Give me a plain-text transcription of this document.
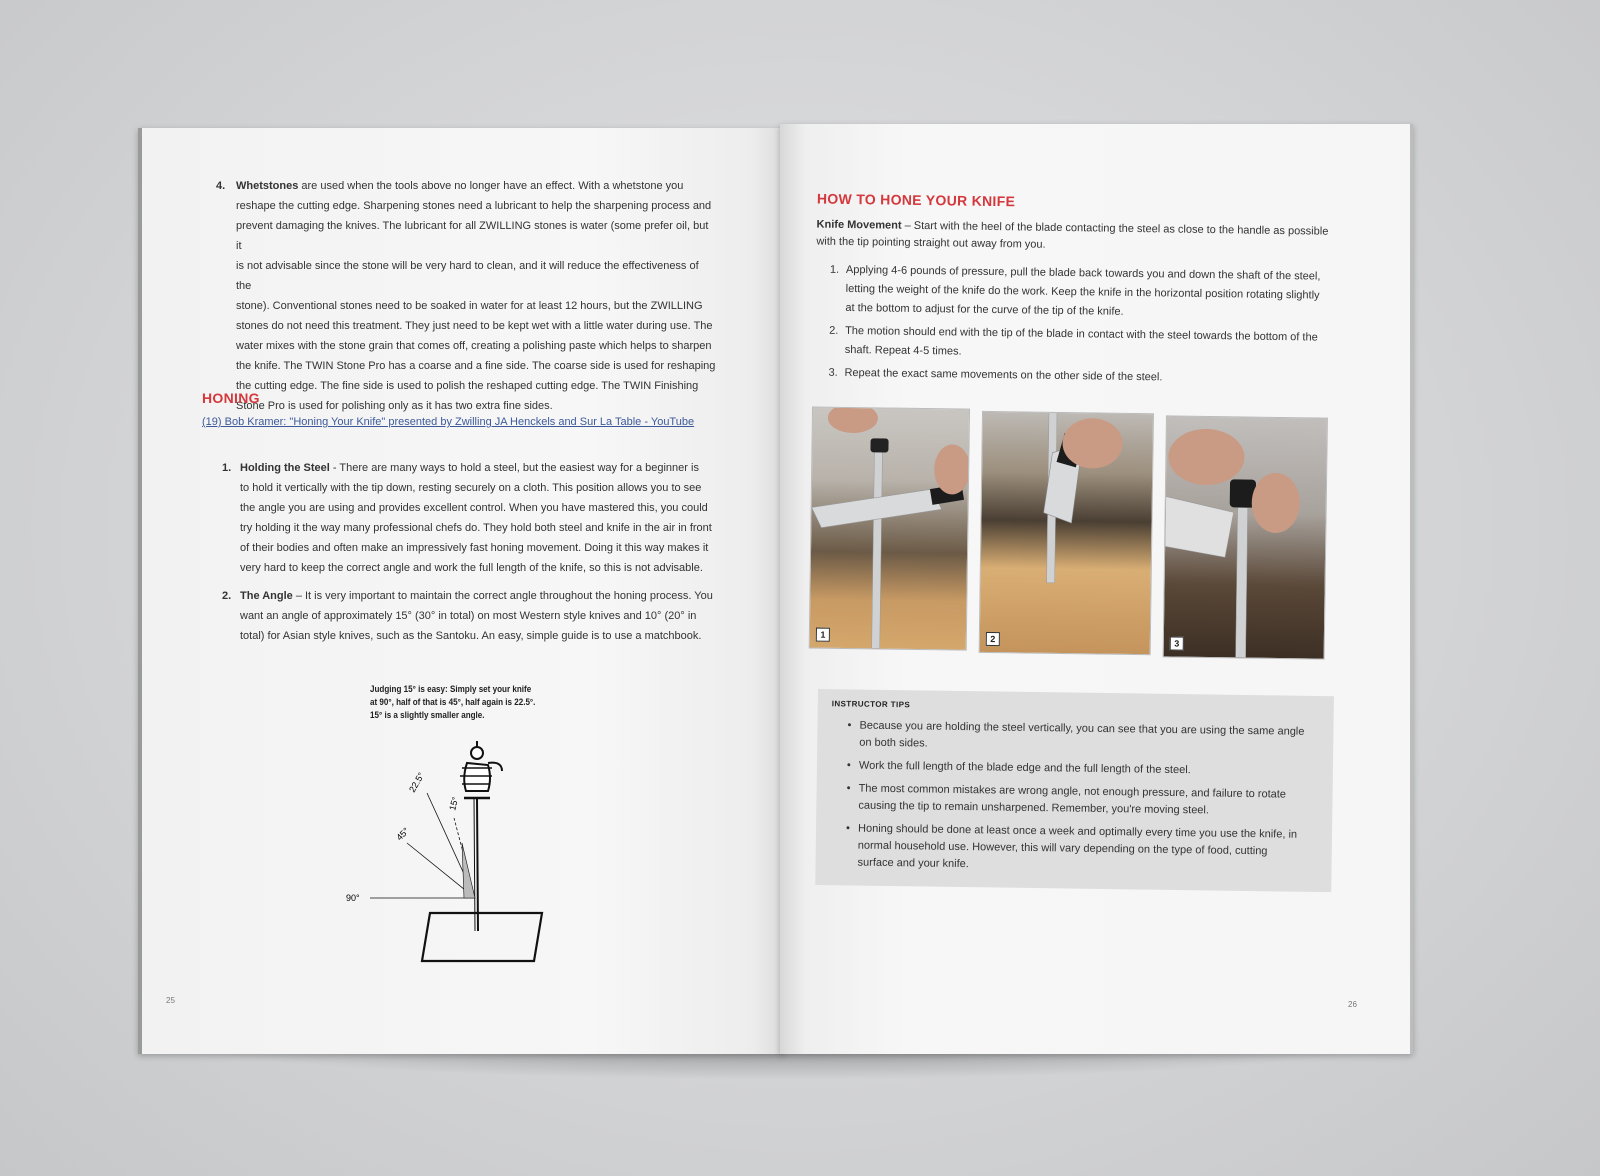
4. Whetstones are used when the tools above no longer have an effect. With a whetstone you
reshape the cutting edge. Sharpening stones need a lubricant to help the sharpening process and
prevent damaging the knives. The lubricant for all ZWILLING stones is water (some prefer oil, but it
is not advisable since the stone will be very hard to clean, and it will reduce the effectiveness of the
stone). Conventional stones need to be soaked in water for at least 12 hours, but the ZWILLING
stones do not need this treatment. They just need to be kept wet with a little water during use. The
water mixes with the stone grain that comes off, creating a polishing paste which helps to sharpen
the knife. The TWIN Stone Pro has a coarse and a fine side. The coarse side is used for reshaping
the cutting edge. The fine side is used to polish the reshaped cutting edge. The TWIN Finishing
Stone Pro is used for polishing only as it has two extra fine sides.
HONING
(19) Bob Kramer: "Honing Your Knife" presented by Zwilling JA Henckels and Sur La Table - YouTube
1. Holding the Steel - There are many ways to hold a steel, but the easiest way for a beginner is
to hold it vertically with the tip down, resting securely on a cloth. This position allows you to see
the angle you are using and provides excellent control. When you have mastered this, you could
try holding it the way many professional chefs do. They hold both steel and knife in the air in front
of their bodies and often make an impressively fast honing movement. Doing it this way makes it
very hard to keep the correct angle and work the full length of the knife, so this is not advisable.
2. The Angle – It is very important to maintain the correct angle throughout the honing process. You
want an angle of approximately 15° (30° in total) on most Western style knives and 10° (20° in
total) for Asian style knives, such as the Santoku. An easy, simple guide is to use a matchbook.
Judging 15° is easy: Simply set your knife
at 90°, half of that is 45°, half again is 22.5°.
15° is a slightly smaller angle.
22.5°
15°
45°
90°
25
HOW TO HONE YOUR KNIFE
Knife Movement – Start with the heel of the blade contacting the steel as close to the handle as possible with the tip pointing straight out away from you.
1. Applying 4-6 pounds of pressure, pull the blade back towards you and down the shaft of the steel, letting the weight of the knife do the work. Keep the knife in the horizontal position rotating slightly at the bottom to adjust for the curve of the tip of the knife.
2. The motion should end with the tip of the blade in contact with the steel towards the bottom of the shaft. Repeat 4-5 times.
3. Repeat the exact same movements on the other side of the steel.
1	2	3
INSTRUCTOR TIPS
• Because you are holding the steel vertically, you can see that you are using the same angle on both sides.
• Work the full length of the blade edge and the full length of the steel.
• The most common mistakes are wrong angle, not enough pressure, and failure to rotate causing the tip to remain unsharpened. Remember, you're moving steel.
• Honing should be done at least once a week and optimally every time you use the knife, in normal household use. However, this will vary depending on the type of food, cutting surface and your knife.
26
